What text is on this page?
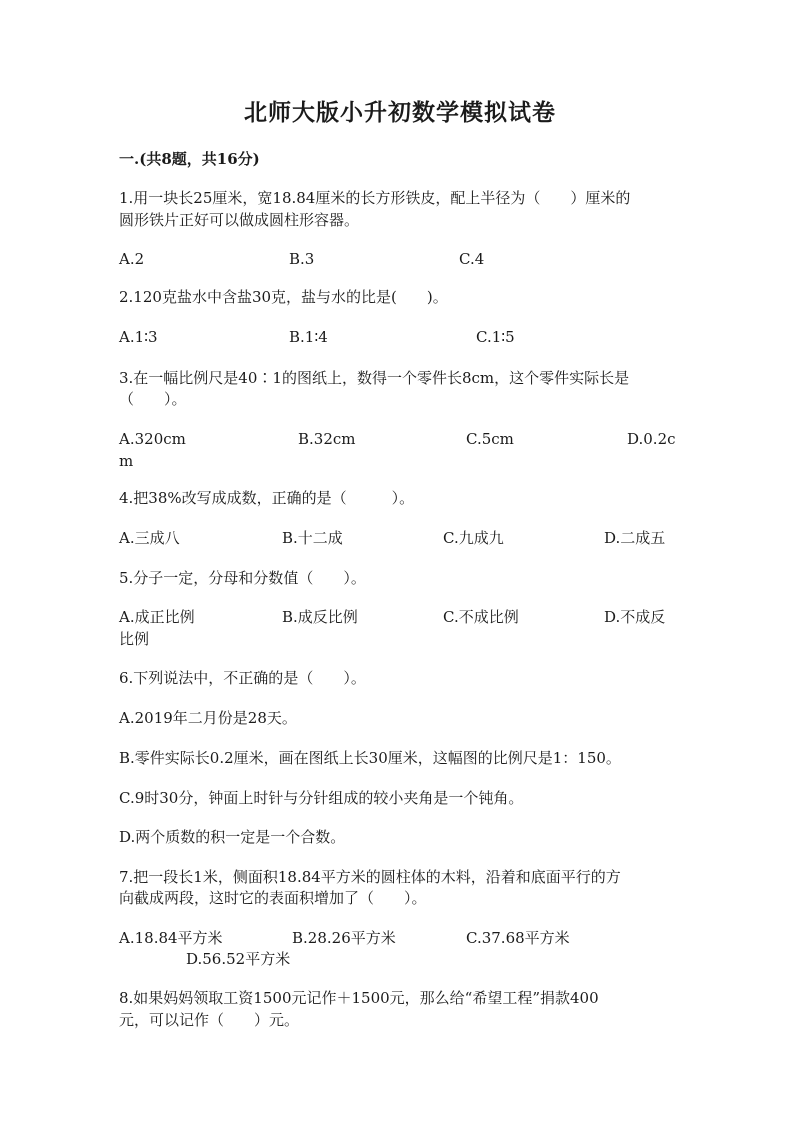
北师大版小升初数学模拟试卷
一.(共8题，共16分)
1.用一块长25厘米，宽18.84厘米的长方形铁皮，配上半径为（　　）厘米的
圆形铁片正好可以做成圆柱形容器。
A.2	B.3	C.4
2.120克盐水中含盐30克，盐与水的比是(　　)。
A.1∶3	B.1∶4	C.1∶5
3.在一幅比例尺是40∶1的图纸上，数得一个零件长8cm，这个零件实际长是
（　　）。
A.320cm	B.32cm	C.5cm	D.0.2c
m
4.把38%改写成成数，正确的是（　　　）。
A.三成八	B.十二成	C.九成九	D.二成五
5.分子一定，分母和分数值（　　）。
A.成正比例	B.成反比例	C.不成比例	D.不成反
比例
6.下列说法中，不正确的是（　　）。
A.2019年二月份是28天。
B.零件实际长0.2厘米，画在图纸上长30厘米，这幅图的比例尺是1：150。
C.9时30分，钟面上时针与分针组成的较小夹角是一个钝角。
D.两个质数的积一定是一个合数。
7.把一段长1米，侧面积18.84平方米的圆柱体的木料，沿着和底面平行的方
向截成两段，这时它的表面积增加了（　　）。
A.18.84平方米	B.28.26平方米	C.37.68平方米
D.56.52平方米
8.如果妈妈领取工资1500元记作＋1500元，那么给“希望工程”捐款400
元，可以记作（　　）元。
